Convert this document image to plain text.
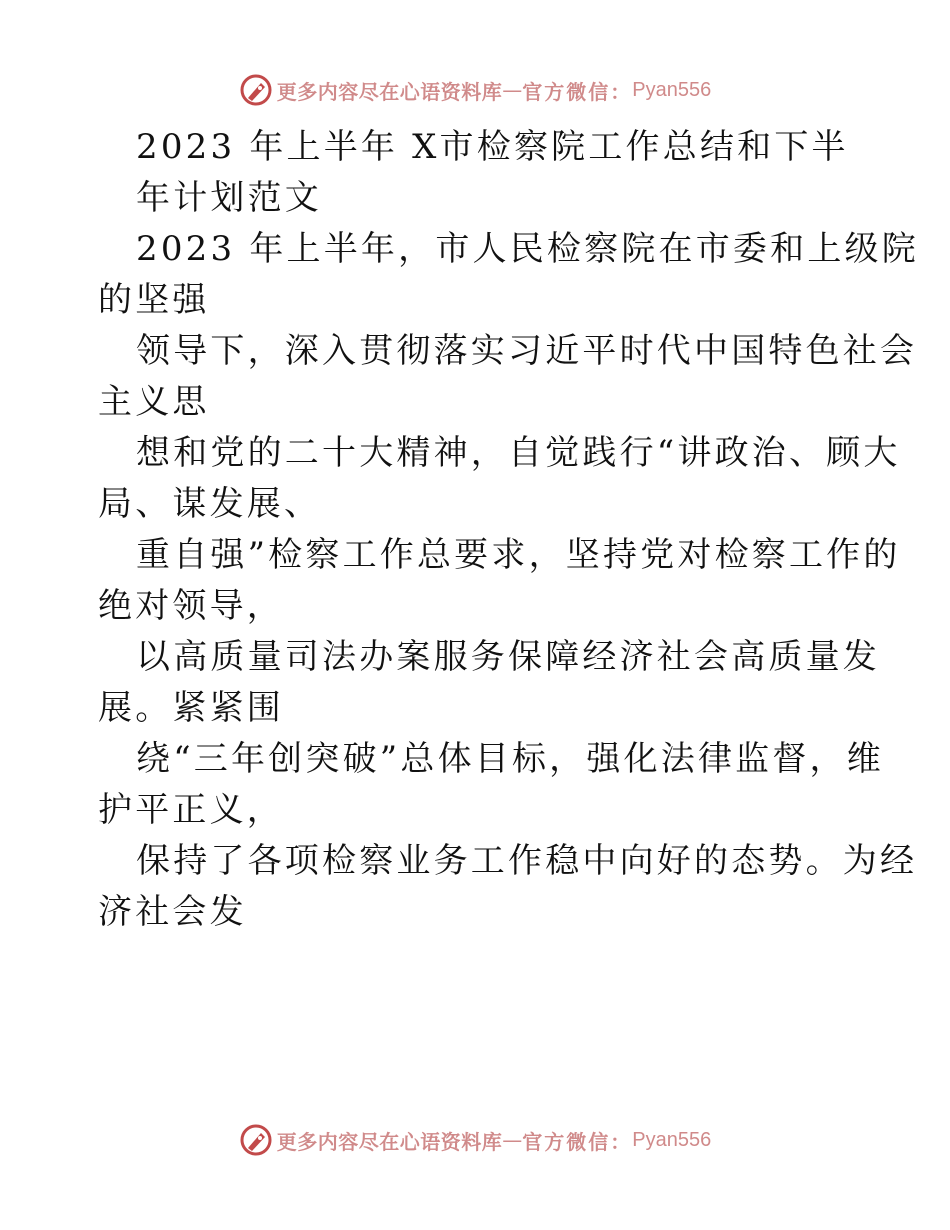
更多内容尽在心语资料库 — 官方微信： Pyan556
2023 年上半年 X市检察院工作总结和下半
年计划范文
2023 年上半年，市人民检察院在市委和上级院
的坚强
领导下，深入贯彻落实习近平时代中国特色社会
主义思
想和党的二十大精神，自觉践行“讲政治、顾大
局、谋发展、
重自强”检察工作总要求，坚持党对检察工作的
绝对领导，
以高质量司法办案服务保障经济社会高质量发
展。紧紧围
绕“三年创突破”总体目标，强化法律监督，维
护平正义，
保持了各项检察业务工作稳中向好的态势。为经
济社会发
更多内容尽在心语资料库 — 官方微信： Pyan556
